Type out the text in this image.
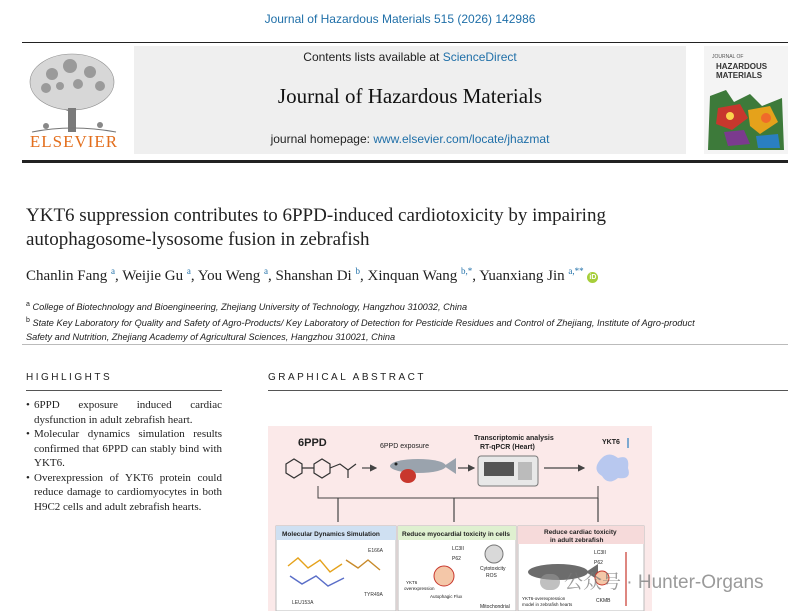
Journal of Hazardous Materials 515 (2026) 142986
ELSEVIER
Contents lists available at ScienceDirect
Journal of Hazardous Materials
journal homepage: www.elsevier.com/locate/jhazmat
JOURNAL OF
HAZARDOUS
MATERIALS
YKT6 suppression contributes to 6PPD-induced cardiotoxicity by impairing autophagosome-lysosome fusion in zebrafish
Chanlin Fang $^a$, Weijie Gu $^a$, You Weng $^a$, Shanshan Di $^b$, Xinquan Wang $^{b,*}$, Yuanxiang Jin $^{a,**}$ iD
$^a$ College of Biotechnology and Bioengineering, Zhejiang University of Technology, Hangzhou 310032, China
$^b$ State Key Laboratory for Quality and Safety of Agro-Products/ Key Laboratory of Detection for Pesticide Residues and Control of Zhejiang, Institute of Agro-product Safety and Nutrition, Zhejiang Academy of Agricultural Sciences, Hangzhou 310021, China
HIGHLIGHTS
• 6PPD exposure induced cardiac dysfunction in adult zebrafish heart.
• Molecular dynamics simulation results confirmed that 6PPD can stably bind with YKT6.
• Overexpression of YKT6 protein could reduce damage to cardiomyocytes in both H9C2 cells and adult zebrafish hearts.
GRAPHICAL ABSTRACT
6PPD	6PPD exposure
Transcriptomic analysis
RT-qPCR (Heart)
YKT6
Molecular Dynamics Simulation
E166A
LEU153A
TYR49A
Reduce myocardial toxicity in cells
LC3II
P62
YKT6
overexpression
Autophagic Flux
Cytotoxicity
ROS
Mitochondrial
Reduce cardiac toxicity
in adult zebrafish
YKT6-overexpression
model in zebrafish hearts
LC3II
P62
CKMB
公众号 · Hunter-Organs
